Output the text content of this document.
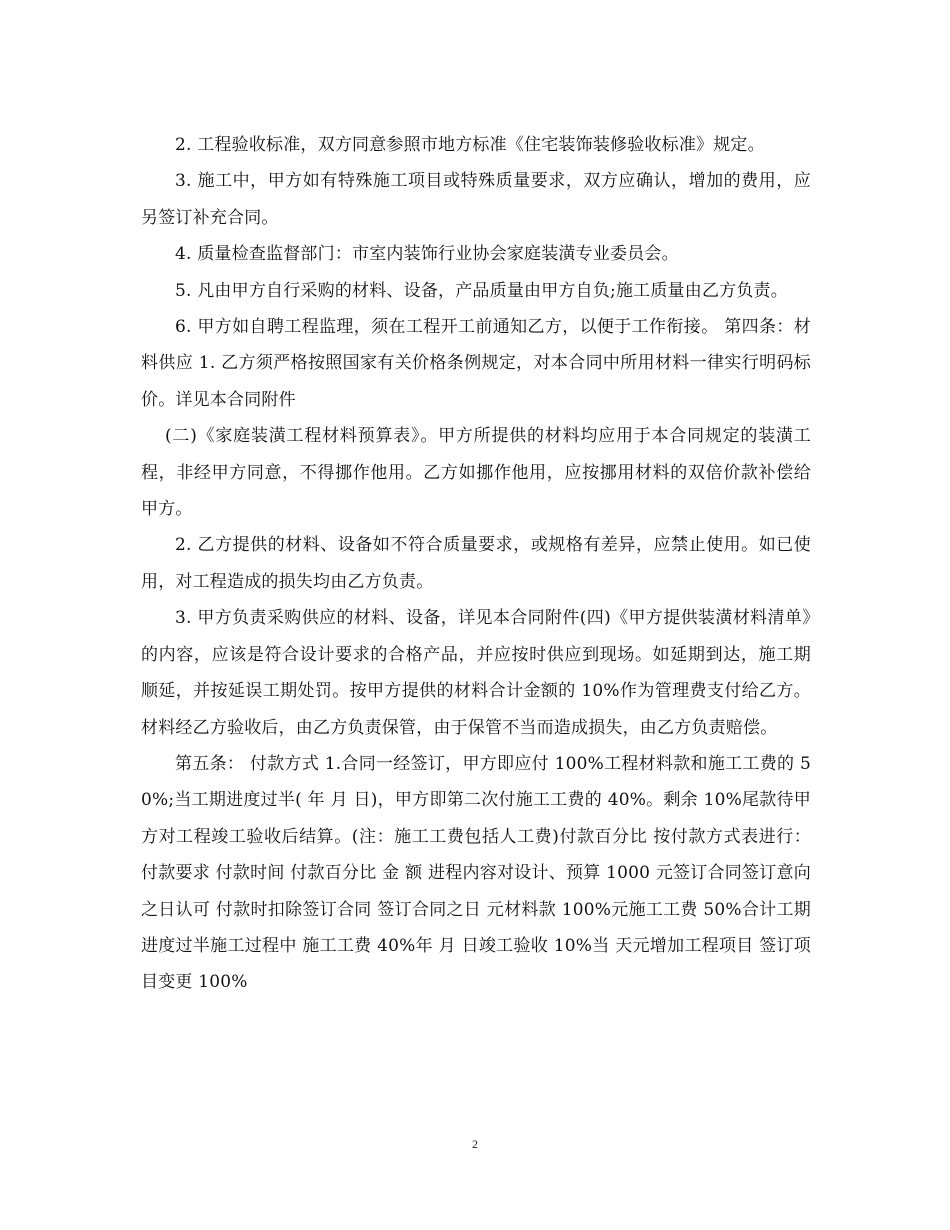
2. 工程验收标准，双方同意参照市地方标准《住宅装饰装修验收标准》规定。

3. 施工中，甲方如有特殊施工项目或特殊质量要求，双方应确认，增加的费用，应另签订补充合同。

4. 质量检查监督部门：市室内装饰行业协会家庭装潢专业委员会。

5. 凡由甲方自行采购的材料、设备，产品质量由甲方自负;施工质量由乙方负责。

6. 甲方如自聘工程监理，须在工程开工前通知乙方，以便于工作衔接。 第四条：材料供应 1. 乙方须严格按照国家有关价格条例规定，对本合同中所用材料一律实行明码标价。详见本合同附件

(二)《家庭装潢工程材料预算表》。甲方所提供的材料均应用于本合同规定的装潢工程，非经甲方同意，不得挪作他用。乙方如挪作他用，应按挪用材料的双倍价款补偿给甲方。

2. 乙方提供的材料、设备如不符合质量要求，或规格有差异，应禁止使用。如已使用，对工程造成的损失均由乙方负责。

3. 甲方负责采购供应的材料、设备，详见本合同附件(四)《甲方提供装潢材料清单》的内容，应该是符合设计要求的合格产品，并应按时供应到现场。如延期到达，施工期顺延，并按延误工期处罚。按甲方提供的材料合计金额的 10%作为管理费支付给乙方。材料经乙方验收后，由乙方负责保管，由于保管不当而造成损失，由乙方负责赔偿。

第五条： 付款方式 1.合同一经签订，甲方即应付 100%工程材料款和施工工费的 50%;当工期进度过半( 年 月 日)，甲方即第二次付施工工费的 40%。剩余 10%尾款待甲方对工程竣工验收后结算。(注：施工工费包括人工费)付款百分比 按付款方式表进行： 付款要求 付款时间 付款百分比 金 额 进程内容对设计、预算 1000 元签订合同签订意向之日认可 付款时扣除签订合同 签订合同之日 元材料款 100%元施工工费 50%合计工期进度过半施工过程中 施工工费 40%年 月 日竣工验收 10%当 天元增加工程项目 签订项目变更 100%

2
